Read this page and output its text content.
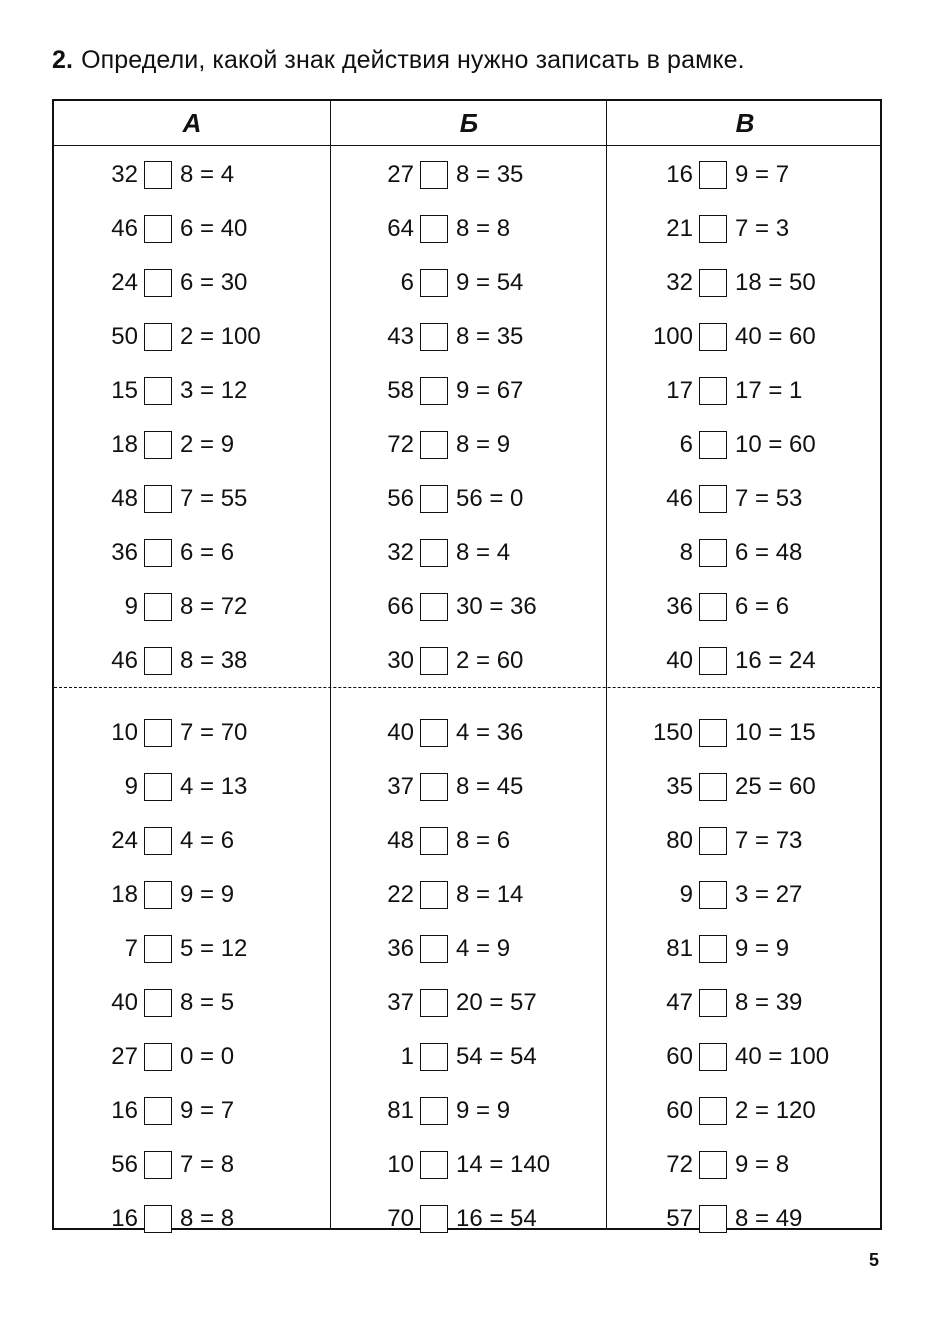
2. Определи, какой знак действия нужно записать в рамке.
А	Б	В
32 8 = 4
46 6 = 40
24 6 = 30
50 2 = 100
15 3 = 12
18 2 = 9
48 7 = 55
36 6 = 6
9 8 = 72
46 8 = 38
10 7 = 70
9 4 = 13
24 4 = 6
18 9 = 9
7 5 = 12
40 8 = 5
27 0 = 0
16 9 = 7
56 7 = 8
16 8 = 8
27 8 = 35
64 8 = 8
6 9 = 54
43 8 = 35
58 9 = 67
72 8 = 9
56 56 = 0
32 8 = 4
66 30 = 36
30 2 = 60
40 4 = 36
37 8 = 45
48 8 = 6
22 8 = 14
36 4 = 9
37 20 = 57
1 54 = 54
81 9 = 9
10 14 = 140
70 16 = 54
16 9 = 7
21 7 = 3
32 18 = 50
100 40 = 60
17 17 = 1
6 10 = 60
46 7 = 53
8 6 = 48
36 6 = 6
40 16 = 24
150 10 = 15
35 25 = 60
80 7 = 73
9 3 = 27
81 9 = 9
47 8 = 39
60 40 = 100
60 2 = 120
72 9 = 8
57 8 = 49
5
